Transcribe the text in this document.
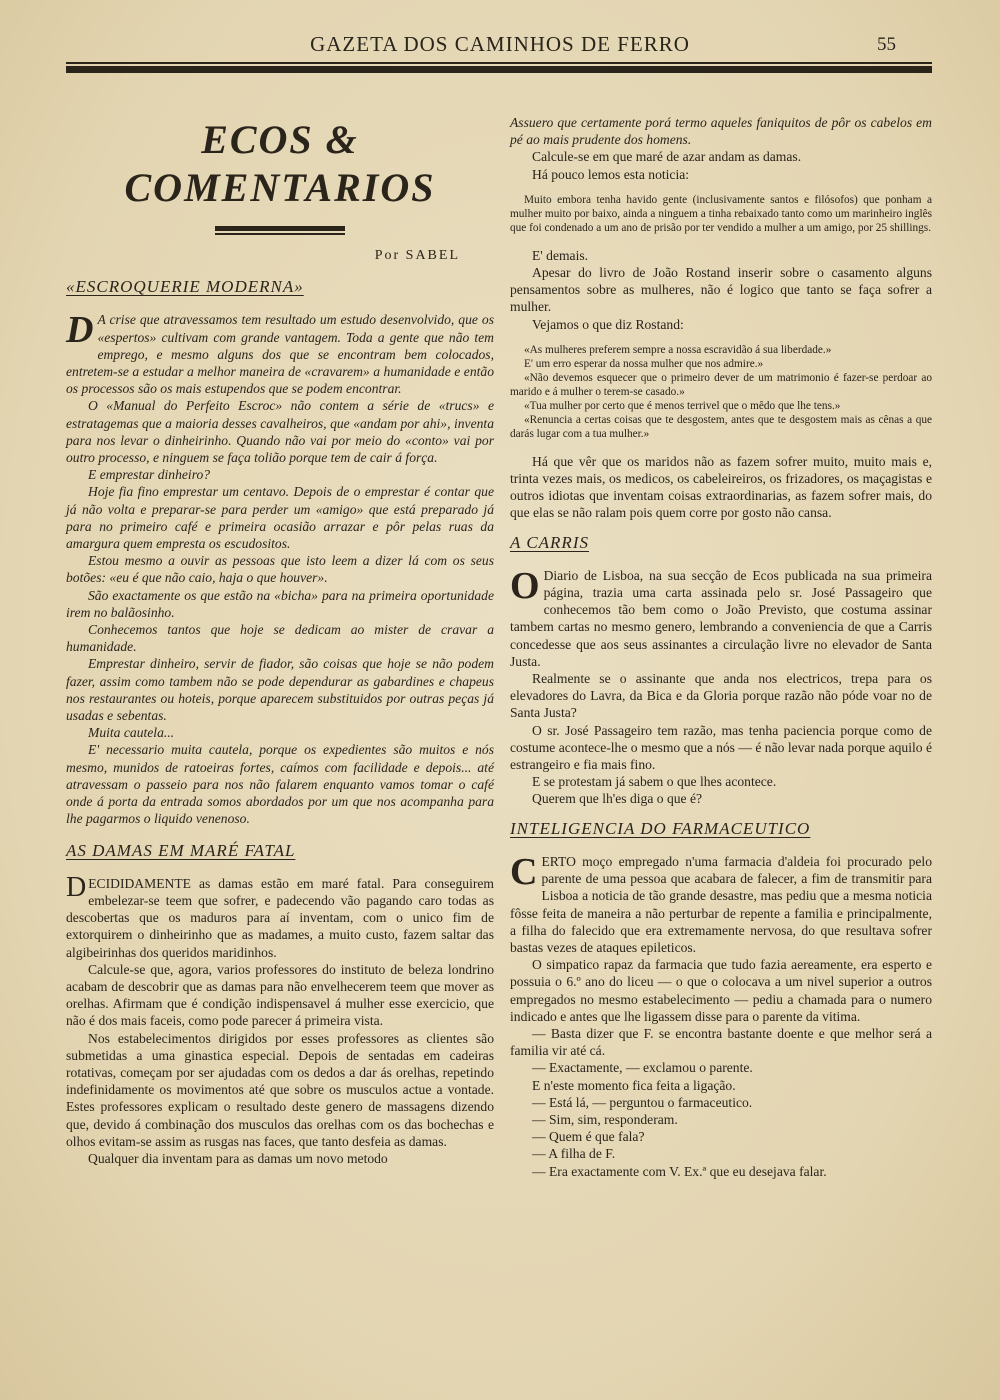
GAZETA DOS CAMINHOS DE FERRO	55
ECOS & COMENTARIOS
Por SABEL
«ESCROQUERIE MODERNA»

D A crise que atravessamos tem resultado um estudo desenvolvido, que os «espertos» cultivam com grande vantagem. Toda a gente que não tem emprego, e mesmo alguns dos que se encontram bem colocados, entretem-se a estudar a melhor maneira de «cravarem» a humanidade e então os processos são os mais estupendos que se podem encontrar.

O «Manual do Perfeito Escroc» não contem a série de «trucs» e estratagemas que a maioria desses cavalheiros, que «andam por ahi», inventa para nos levar o dinheirinho. Quando não vai por meio do «conto» vai por outro processo, e ninguem se faça tolião porque tem de cair á força.

E emprestar dinheiro?

Hoje fia fino emprestar um centavo. Depois de o emprestar é contar que já não volta e preparar-se para perder um «amigo» que está preparado já para no primeiro café e primeira ocasião arrazar e pôr pelas ruas da amargura quem empresta os escudositos.

Estou mesmo a ouvir as pessoas que isto leem a dizer lá com os seus botões: «eu é que não caio, haja o que houver».

São exactamente os que estão na «bicha» para na primeira oportunidade irem no balãosinho.

Conhecemos tantos que hoje se dedicam ao mister de cravar a humanidade.

Emprestar dinheiro, servir de fiador, são coisas que hoje se não podem fazer, assim como tambem não se pode dependurar as gabardines e chapeus nos restaurantes ou hoteis, porque aparecem substituidos por outras peças já usadas e sebentas.

Muita cautela...

E' necessario muita cautela, porque os expedientes são muitos e nós mesmo, munidos de ratoeiras fortes, caímos com facilidade e depois... até atravessam o passeio para nos não falarem enquanto vamos tomar o café onde á porta da entrada somos abordados por um que nos acompanha para lhe pagarmos o liquido venenoso.

AS DAMAS EM MARÉ FATAL

DECIDIDAMENTE as damas estão em maré fatal. Para conseguirem embelezar-se teem que sofrer, e padecendo vão pagando caro todas as descobertas que os maduros para aí inventam, com o unico fim de extorquirem o dinheirinho que as madames, a muito custo, fazem saltar das algibeirinhas dos queridos maridinhos.

Calcule-se que, agora, varios professores do instituto de beleza londrino acabam de descobrir que as damas para não envelhecerem teem que mover as orelhas. Afirmam que é condição indispensavel á mulher esse exercicio, que não é dos mais faceis, como pode parecer á primeira vista.

Nos estabelecimentos dirigidos por esses professores as clientes são submetidas a uma ginastica especial. Depois de sentadas em cadeiras rotativas, começam por ser ajudadas com os dedos a dar ás orelhas, repetindo indefinidamente os movimentos até que sobre os musculos actue a vontade. Estes professores explicam o resultado deste genero de massagens dizendo que, devido á combinação dos musculos das orelhas com os das bochechas e olhos evitam-se assim as rusgas nas faces, que tanto desfeia as damas.

Qualquer dia inventam para as damas um novo metodo

Assuero que certamente porá termo aqueles faniquitos de pôr os cabelos em pé ao mais prudente dos homens.

Calcule-se em que maré de azar andam as damas.

Há pouco lemos esta noticia:

Muito embora tenha havido gente (inclusivamente santos e filósofos) que ponham a mulher muito por baixo, ainda a ninguem a tinha rebaixado tanto como um marinheiro inglês que foi condenado a um ano de prisão por ter vendido a mulher a um amigo, por 25 shillings.

E' demais.

Apesar do livro de João Rostand inserir sobre o casamento alguns pensamentos sobre as mulheres, não é logico que tanto se faça sofrer a mulher.

Vejamos o que diz Rostand:

«As mulheres preferem sempre a nossa escravidão á sua liberdade.»

E' um erro esperar da nossa mulher que nos admire.»

«Não devemos esquecer que o primeiro dever de um matrimonio é fazer-se perdoar ao marido e á mulher o terem-se casado.»

«Tua mulher por certo que é menos terrivel que o mêdo que lhe tens.»

«Renuncia a certas coisas que te desgostem, antes que te desgostem mais as cênas a que darás lugar com a tua mulher.»

Há que vêr que os maridos não as fazem sofrer muito, muito mais e, trinta vezes mais, os medicos, os cabeleireiros, os frizadores, os maçagistas e outros idiotas que inventam coisas extraordinarias, as fazem sofrer mais, do que elas se não ralam pois quem corre por gosto não cansa.

A CARRIS

O Diario de Lisboa, na sua secção de Ecos publicada na sua primeira página, trazia uma carta assinada pelo sr. José Passageiro que conhecemos tão bem como o João Previsto, que costuma assinar tambem cartas no mesmo genero, lembrando a conveniencia de que a Carris concedesse que aos seus assinantes a circulação livre no elevador de Santa Justa.

Realmente se o assinante que anda nos electricos, trepa para os elevadores do Lavra, da Bica e da Gloria porque razão não póde voar no de Santa Justa?

O sr. José Passageiro tem razão, mas tenha paciencia porque como de costume acontece-lhe o mesmo que a nós — é não levar nada porque aquilo é estrangeiro e fia mais fino.

E se protestam já sabem o que lhes acontece.

Querem que lh'es diga o que é?

INTELIGENCIA DO FARMACEUTICO

CERTO moço empregado n'uma farmacia d'aldeia foi procurado pelo parente de uma pessoa que acabara de falecer, a fim de transmitir para Lisboa a noticia de tão grande desastre, mas pediu que a mesma noticia fôsse feita de maneira a não perturbar de repente a familia e principalmente, a filha do falecido que era extremamente nervosa, do que resultava sofrer bastas vezes de ataques epileticos.

O simpatico rapaz da farmacia que tudo fazia aereamente, era esperto e possuia o 6.º ano do liceu — o que o colocava a um nivel superior a outros empregados no mesmo estabelecimento — pediu a chamada para o numero indicado e antes que lhe ligassem disse para o parente da vitima.

— Basta dizer que F. se encontra bastante doente e que melhor será a familia vir até cá.

— Exactamente, — exclamou o parente.

E n'este momento fica feita a ligação.

— Está lá, — perguntou o farmaceutico.

— Sim, sim, responderam.

— Quem é que fala?

— A filha de F.

— Era exactamente com V. Ex.ª que eu desejava falar.
